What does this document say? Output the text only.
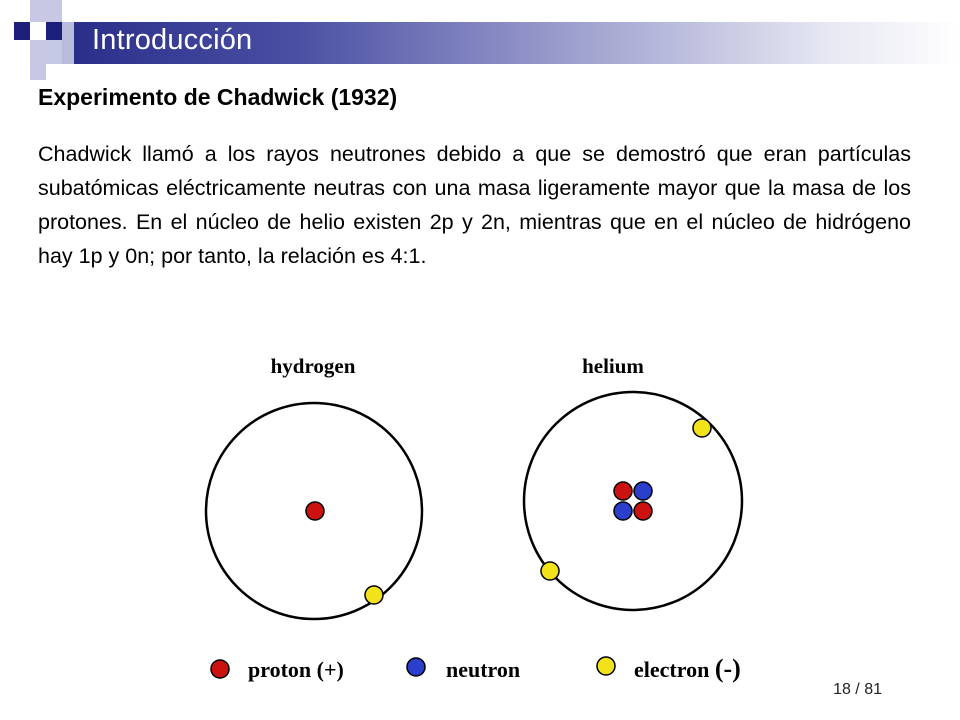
Introducción
Experimento de Chadwick (1932)
Chadwick llamó a los rayos neutrones debido a que se demostró que eran partículas subatómicas eléctricamente neutras con una masa ligeramente mayor que la masa de los protones. En el núcleo de helio existen 2p y 2n, mientras que en el núcleo de hidrógeno hay 1p y 0n; por tanto, la relación es 4:1.
hydrogen	helium
proton (+)	neutron	electron (-)
18 / 81
